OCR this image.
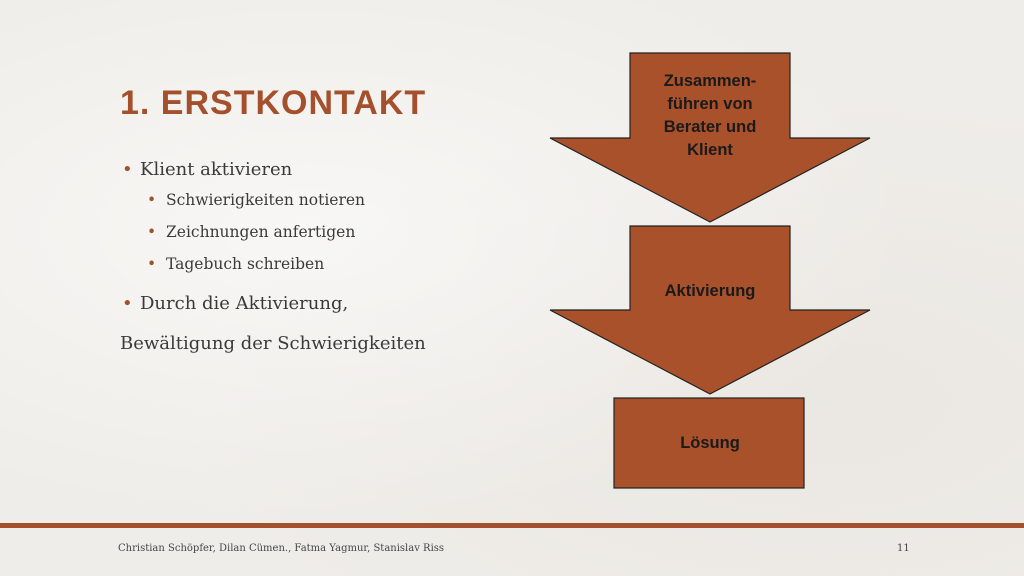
1. ERSTKONTAKT
• Klient aktivieren
• Schwierigkeiten notieren
• Zeichnungen anfertigen
• Tagebuch schreiben
• Durch die Aktivierung,
Bewältigung der Schwierigkeiten
Zusammen-
führen von
Berater und
Klient
Aktivierung
Lösung
Christian Schöpfer, Dilan Cümen., Fatma Yagmur, Stanislav Riss	11
